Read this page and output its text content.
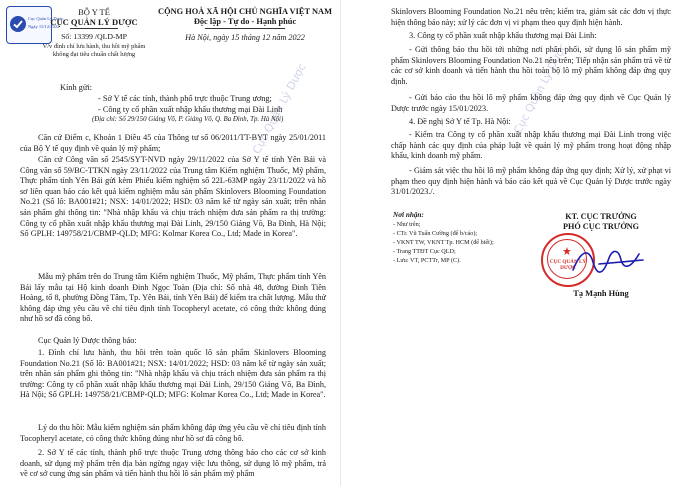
Cục Quản Lý Dược
Cục Quản Lý Dược
Ngày 15/12/2022
BỘ Y TẾ
CỤC QUẢN LÝ DƯỢC
Số: 13399 /QLD-MP
V/v đình chỉ lưu hành, thu hồi mỹ phẩm
không đạt tiêu chuẩn chất lượng
CỘNG HOÀ XÃ HỘI CHỦ NGHĨA VIỆT NAM
Độc lập - Tự do - Hạnh phúc
Hà Nội, ngày 15 tháng 12 năm 2022
Kính gửi:
- Sở Y tế các tỉnh, thành phố trực thuộc Trung ương;
- Công ty cổ phần xuất nhập khẩu thương mại Đài Linh
(Địa chỉ: Số 29/150 Giảng Võ, P. Giảng Võ, Q. Ba Đình, Tp. Hà Nội)
Căn cứ Điểm c, Khoản 1 Điều 45 của Thông tư số 06/2011/TT-BYT ngày 25/01/2011 của Bộ Y tế quy định về quản lý mỹ phẩm;
Căn cứ Công văn số 2545/SYT-NVD ngày 29/11/2022 của Sở Y tế tỉnh Yên Bái và Công văn số 59/BC-TTKN ngày 23/11/2022 của Trung tâm Kiểm nghiệm Thuốc, Mỹ phẩm, Thực phẩm tỉnh Yên Bái gửi kèm Phiếu kiểm nghiệm số 22L-63MP ngày 23/11/2022 và hồ sơ liên quan báo cáo kết quả kiểm nghiệm mẫu sản phẩm Skinlovers Blooming Foundation No.21 (Số lô: BA001#21; NSX: 14/01/2022; HSD: 03 năm kể từ ngày sản xuất; trên nhãn sản phẩm ghi thông tin: "Nhà nhập khẩu và chịu trách nhiệm đưa sản phẩm ra thị trường: Công ty cổ phần xuất nhập khẩu thương mại Đài Linh, 29/150 Giảng Võ, Ba Đình, Hà Nội; Số GPLH: 149758/21/CBMP-QLD; MFG: Kolmar Korea Co., Ltd; Made in Korea".
Mẫu mỹ phẩm trên do Trung tâm Kiểm nghiệm Thuốc, Mỹ phẩm, Thực phẩm tỉnh Yên Bái lấy mẫu tại Hộ kinh doanh Đinh Ngọc Toàn (Địa chỉ: Số nhà 48, đường Đinh Tiên Hoàng, tổ 8, phường Đồng Tâm, Tp. Yên Bái, tỉnh Yên Bái) để kiểm tra chất lượng. Mẫu thử không đáp ứng yêu cầu về chỉ tiêu định tính Tocopheryl acetate, có công thức không đúng như hồ sơ đã công bố.
Cục Quản lý Dược thông báo:
1. Đình chỉ lưu hành, thu hồi trên toàn quốc lô sản phẩm Skinlovers Blooming Foundation No.21 (Số lô: BA001#21; NSX: 14/01/2022; HSD: 03 năm kể từ ngày sản xuất; trên nhãn sản phẩm ghi thông tin: "Nhà nhập khẩu và chịu trách nhiệm đưa sản phẩm ra thị trường: Công ty cổ phần xuất nhập khẩu thương mại Đài Linh, 29/150 Giảng Võ, Ba Đình, Hà Nội; Số GPLH: 149758/21/CBMP-QLD; MFG: Kolmar Korea Co., Ltd; Made in Korea".
Lý do thu hồi: Mẫu kiểm nghiệm sản phẩm không đáp ứng yêu cầu về chỉ tiêu định tính Tocopheryl acetate, có công thức không đúng như hồ sơ đã công bố.
2. Sở Y tế các tỉnh, thành phố trực thuộc Trung ương thông báo cho các cơ sở kinh doanh, sử dụng mỹ phẩm trên địa bàn ngừng ngay việc lưu thông, sử dụng lô mỹ phẩm, trả về cơ sở cung ứng sản phẩm và tiến hành thu hồi lô sản phẩm mỹ phẩm
Cục Quản Lý Dược
Skinlovers Blooming Foundation No.21 nêu trên; kiểm tra, giám sát các đơn vị thực hiện thông báo này; xử lý các đơn vị vi phạm theo quy định hiện hành.
3. Công ty cổ phần xuất nhập khẩu thương mại Đài Linh:
- Gửi thông báo thu hồi tới những nơi phân phối, sử dụng lô sản phẩm mỹ phẩm Skinlovers Blooming Foundation No.21 nêu trên; Tiếp nhận sản phẩm trả về từ các cơ sở kinh doanh và tiến hành thu hồi toàn bộ lô mỹ phẩm không đáp ứng quy định.
- Gửi báo cáo thu hồi lô mỹ phẩm không đáp ứng quy định về Cục Quản lý Dược trước ngày 15/01/2023.
4. Đề nghị Sở Y tế Tp. Hà Nội:
- Kiểm tra Công ty cổ phần xuất nhập khẩu thương mại Đài Linh trong việc chấp hành các quy định của pháp luật về quản lý mỹ phẩm trong hoạt động nhập khẩu, kinh doanh mỹ phẩm.
- Giám sát việc thu hồi lô mỹ phẩm không đáp ứng quy định; Xử lý, xử phạt vi phạm theo quy định hiện hành và báo cáo kết quả về Cục Quản lý Dược trước ngày 31/01/2023./.
Nơi nhận:
- Như trên;
- CTr. Vũ Tuấn Cường (để b/cáo);
- VKNT TW, VKNT Tp. HCM (để biết);
- Trang TTĐT Cục QLD;
- Lưu: VT, PCTTr, MP (C).
KT. CỤC TRƯỞNG
PHÓ CỤC TRƯỞNG
★
CỤC QUẢN LÝ DƯỢC
Tạ Mạnh Hùng
